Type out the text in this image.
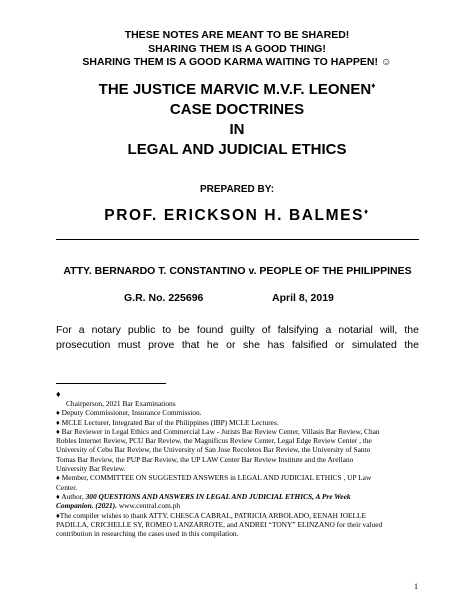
THESE NOTES ARE MEANT TO BE SHARED!
SHARING THEM IS A GOOD THING!
SHARING THEM IS A GOOD KARMA WAITING TO HAPPEN! ☺
THE JUSTICE MARVIC M.V.F. LEONEN♦
CASE DOCTRINES
IN
LEGAL AND JUDICIAL ETHICS
PREPARED BY:
PROF. ERICKSON H. BALMES♦
ATTY. BERNARDO T. CONSTANTINO v. PEOPLE OF THE PHILIPPINES
G.R. No. 225696	April 8, 2019
For a notary public to be found guilty of falsifying a notarial will, the
prosecution must prove that he or she has falsified or simulated the
♦
Chairperson, 2021 Bar Examinations
♦ Deputy Commissioner, Insurance Commission.
♦ MCLE Lecturer, Integrated Bar of the Philippines (IBP) MCLE Lectures.
♦ Bar Reviewer in Legal Ethics and Commercial Law - Jurists Bar Review Center, Villasis Bar Review, Chan
Robles Internet Review, PCU Bar Review, the Magnificus Review Center, Legal Edge Review Center , the
University of Cebu Bar Review, the University of San Jose Recoletos Bar Review, the University of Santo
Tomas Bar Review, the PUP Bar Review, the UP LAW Center Bar Review Institute and the Arellano
University Bar Review.
♦ Member, COMMITTEE ON SUGGESTED ANSWERS in LEGAL AND JUDICIAL ETHICS , UP Law
Center.
♦ Author, 300 QUESTIONS AND ANSWERS IN LEGAL AND JUDICIAL ETHICS, A Pre Week
Companion. (2021). www.central.com.ph
♦The compiler wishes to thank ATTY. CHESCA CABRAL, PATRICIA ARBOLADO, EENAH JOELLE
PADILLA, CRICHELLE SY, ROMEO LANZARROTE, and ANDREI “TONY” ELINZANO for their valued
contribution in researching the cases used in this compilation.
1
